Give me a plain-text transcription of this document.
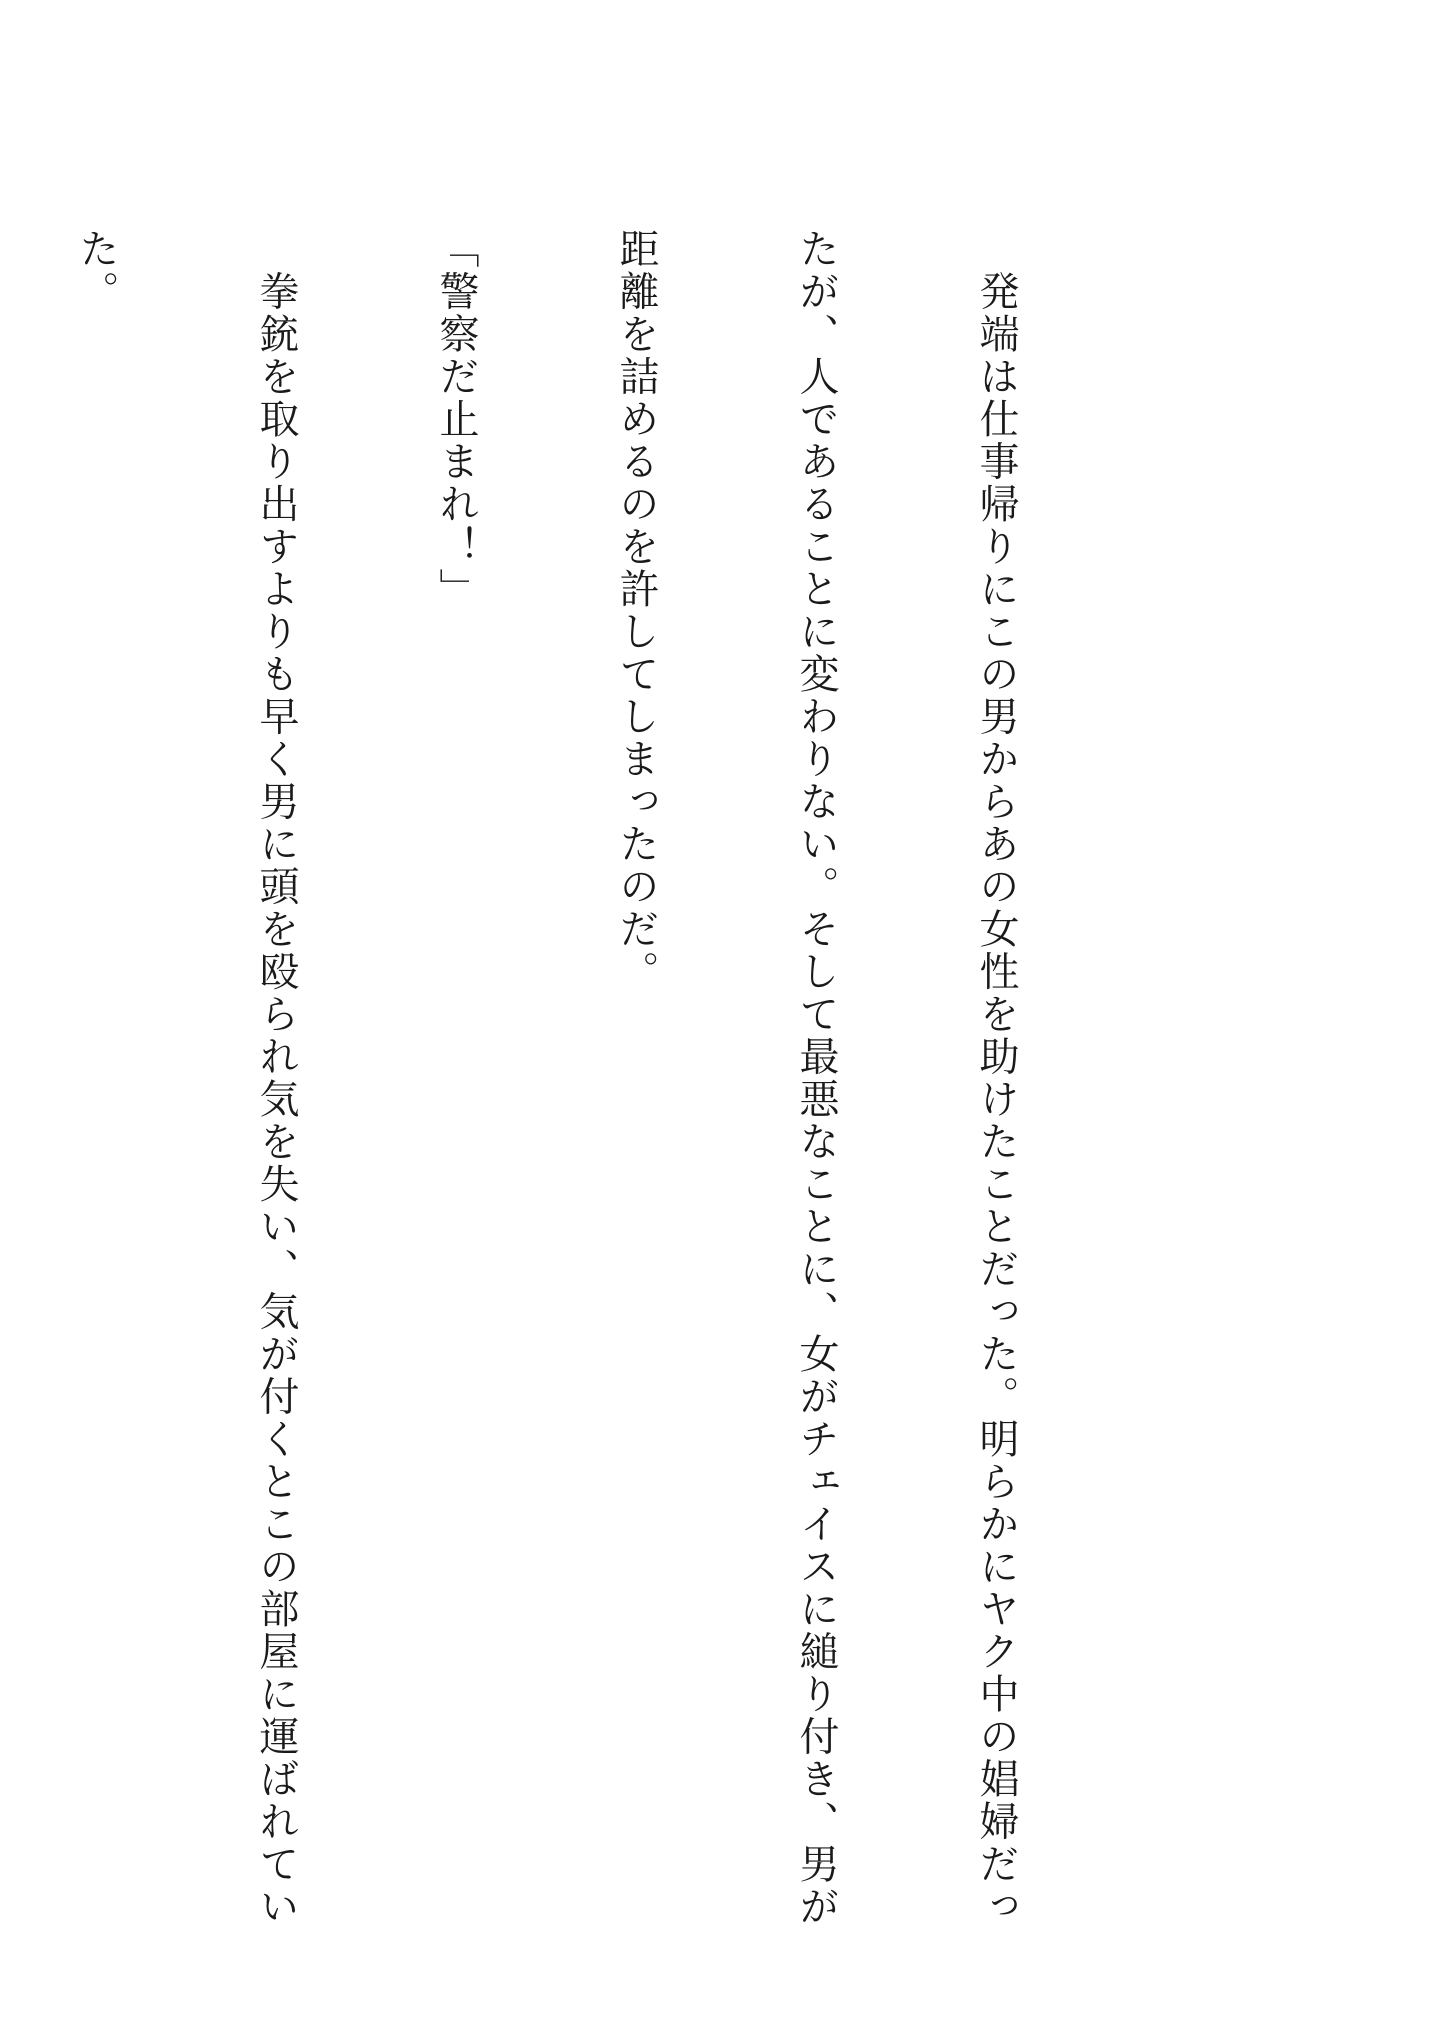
　発端は仕事帰りにこの男からあの女性を助けたことだった。明らかにヤク中の娼婦だっ

たが、人であることに変わりない。そして最悪なことに、女がチェイスに縋り付き、男が

距離を詰めるのを許してしまったのだ。

「警察だ止まれ！」

　拳銃を取り出すよりも早く男に頭を殴られ気を失い、気が付くとこの部屋に運ばれてい

た。
